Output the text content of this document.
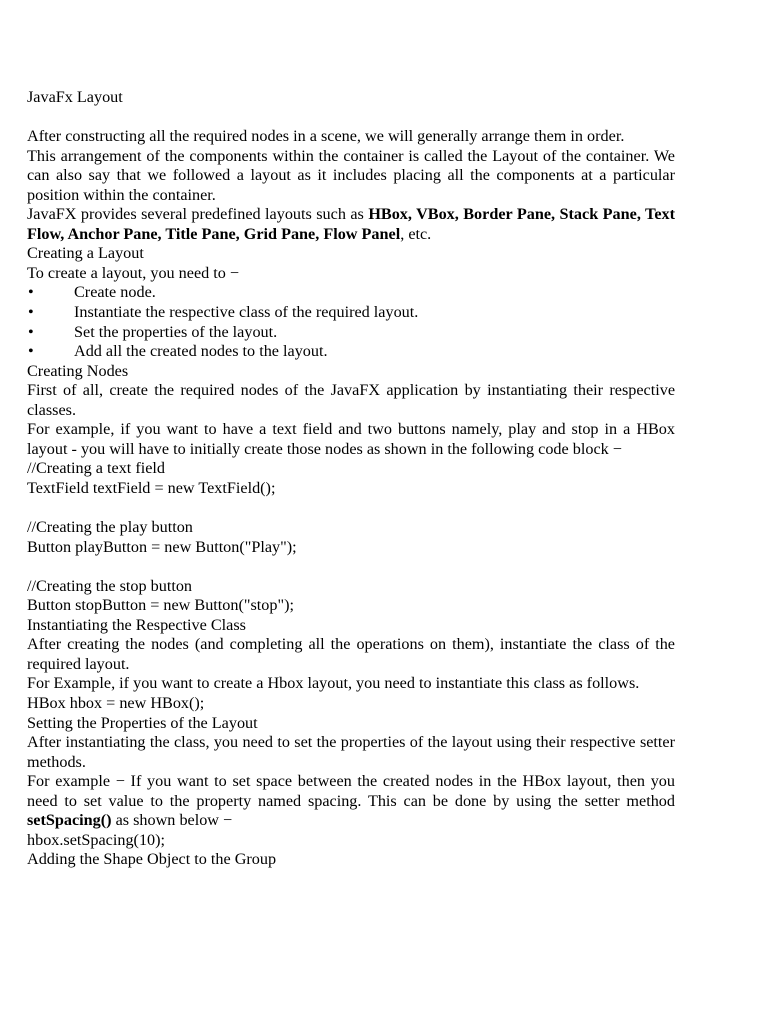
JavaFx Layout

After constructing all the required nodes in a scene, we will generally arrange them in order.

This arrangement of the components within the container is called the Layout of the container. We can also say that we followed a layout as it includes placing all the components at a particular position within the container.

JavaFX provides several predefined layouts such as HBox, VBox, Border Pane, Stack Pane, Text Flow, Anchor Pane, Title Pane, Grid Pane, Flow Panel, etc.

Creating a Layout

To create a layout, you need to −

• Create node.
• Instantiate the respective class of the required layout.
• Set the properties of the layout.
• Add all the created nodes to the layout.

Creating Nodes

First of all, create the required nodes of the JavaFX application by instantiating their respective classes.

For example, if you want to have a text field and two buttons namely, play and stop in a HBox layout - you will have to initially create those nodes as shown in the following code block −

//Creating a text field

TextField textField = new TextField();

//Creating the play button

Button playButton = new Button("Play");

//Creating the stop button

Button stopButton = new Button("stop");

Instantiating the Respective Class

After creating the nodes (and completing all the operations on them), instantiate the class of the required layout.

For Example, if you want to create a Hbox layout, you need to instantiate this class as follows.

HBox hbox = new HBox();

Setting the Properties of the Layout

After instantiating the class, you need to set the properties of the layout using their respective setter methods.

For example − If you want to set space between the created nodes in the HBox layout, then you need to set value to the property named spacing. This can be done by using the setter method setSpacing() as shown below −

hbox.setSpacing(10);

Adding the Shape Object to the Group
